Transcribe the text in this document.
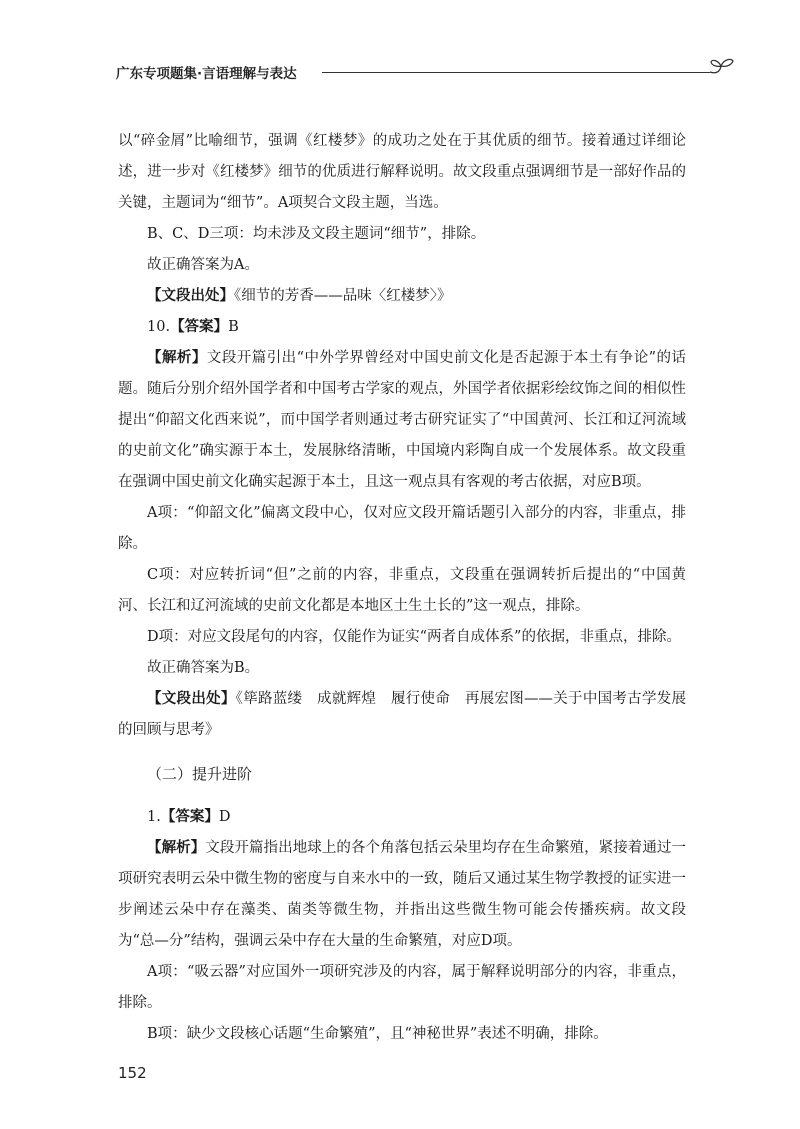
广东专项题集·言语理解与表达

以“碎金屑”比喻细节，强调《红楼梦》的成功之处在于其优质的细节。接着通过详细论述，进一步对《红楼梦》细节的优质进行解释说明。故文段重点强调细节是一部好作品的关键，主题词为“细节”。A项契合文段主题，当选。

B、C、D三项：均未涉及文段主题词“细节”，排除。

故正确答案为A。

【文段出处】《细节的芳香——品味〈红楼梦〉》

10.【答案】B

【解析】文段开篇引出“中外学界曾经对中国史前文化是否起源于本土有争论”的话题。随后分别介绍外国学者和中国考古学家的观点，外国学者依据彩绘纹饰之间的相似性提出“仰韶文化西来说”，而中国学者则通过考古研究证实了“中国黄河、长江和辽河流域的史前文化”确实源于本土，发展脉络清晰，中国境内彩陶自成一个发展体系。故文段重在强调中国史前文化确实起源于本土，且这一观点具有客观的考古依据，对应B项。

A项：“仰韶文化”偏离文段中心，仅对应文段开篇话题引入部分的内容，非重点，排除。

C项：对应转折词“但”之前的内容，非重点，文段重在强调转折后提出的“中国黄河、长江和辽河流域的史前文化都是本地区土生土长的”这一观点，排除。

D项：对应文段尾句的内容，仅能作为证实“两者自成体系”的依据，非重点，排除。

故正确答案为B。

【文段出处】《筚路蓝缕　成就辉煌　履行使命　再展宏图——关于中国考古学发展的回顾与思考》

（二）提升进阶

1.【答案】D

【解析】文段开篇指出地球上的各个角落包括云朵里均存在生命繁殖，紧接着通过一项研究表明云朵中微生物的密度与自来水中的一致，随后又通过某生物学教授的证实进一步阐述云朵中存在藻类、菌类等微生物，并指出这些微生物可能会传播疾病。故文段为“总—分”结构，强调云朵中存在大量的生命繁殖，对应D项。

A项：“吸云器”对应国外一项研究涉及的内容，属于解释说明部分的内容，非重点，排除。

B项：缺少文段核心话题“生命繁殖”，且“神秘世界”表述不明确，排除。

152
